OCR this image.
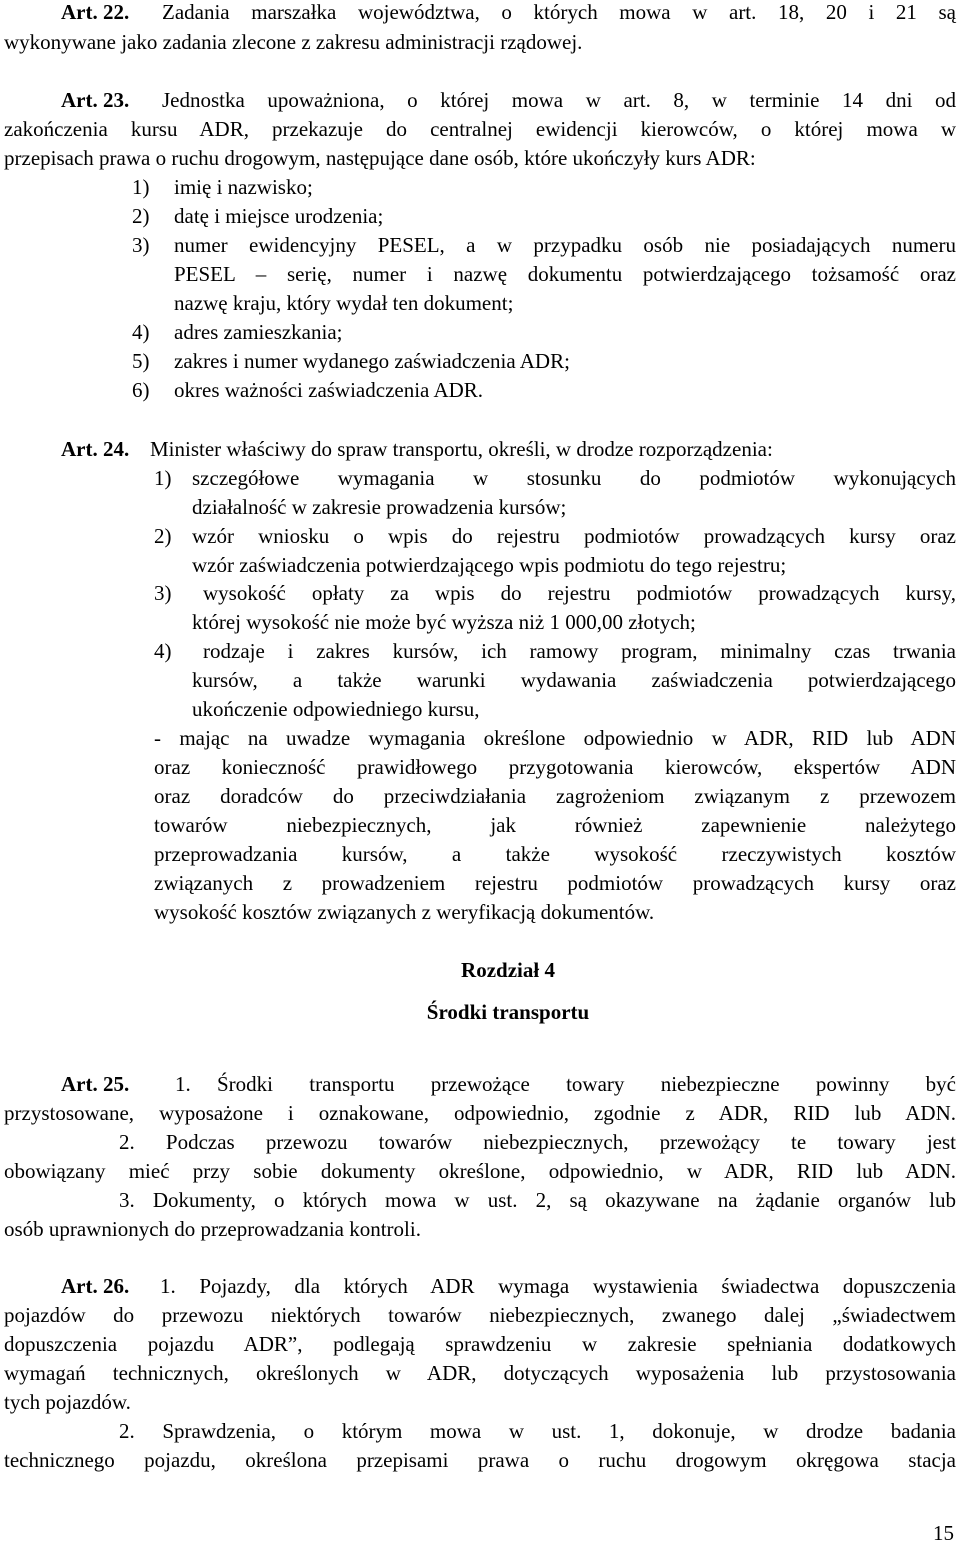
Art. 22. Zadania marszałka województwa, o których mowa w art. 18, 20 i 21 są
wykonywane jako zadania zlecone z zakresu administracji rządowej.
Art. 23. Jednostka upoważniona, o której mowa w art. 8, w terminie 14 dni od
zakończenia kursu ADR, przekazuje do centralnej ewidencji kierowców, o której mowa w
przepisach prawa o ruchu drogowym, następujące dane osób, które ukończyły kurs ADR:
1) imię i nazwisko;
2) datę i miejsce urodzenia;
3) numer ewidencyjny PESEL, a w przypadku osób nie posiadających numeru
PESEL – serię, numer i nazwę dokumentu potwierdzającego tożsamość oraz
nazwę kraju, który wydał ten dokument;
4) adres zamieszkania;
5) zakres i numer wydanego zaświadczenia ADR;
6) okres ważności zaświadczenia ADR.
Art. 24. Minister właściwy do spraw transportu, określi, w drodze rozporządzenia:
1) szczegółowe wymagania w stosunku do podmiotów wykonujących
działalność w zakresie prowadzenia kursów;
2) wzór wniosku o wpis do rejestru podmiotów prowadzących kursy oraz
wzór zaświadczenia potwierdzającego wpis podmiotu do tego rejestru;
3) wysokość opłaty za wpis do rejestru podmiotów prowadzących kursy,
której wysokość nie może być wyższa niż 1 000,00 złotych;
4) rodzaje i zakres kursów, ich ramowy program, minimalny czas trwania
kursów, a także warunki wydawania zaświadczenia potwierdzającego
ukończenie odpowiedniego kursu,
- mając na uwadze wymagania określone odpowiednio w ADR, RID lub ADN
oraz konieczność prawidłowego przygotowania kierowców, ekspertów ADN
oraz doradców do przeciwdziałania zagrożeniom związanym z przewozem
towarów niebezpiecznych, jak również zapewnienie należytego
przeprowadzania kursów, a także wysokość rzeczywistych kosztów
związanych z prowadzeniem rejestru podmiotów prowadzących kursy oraz
wysokość kosztów związanych z weryfikacją dokumentów.
Rozdział 4
Środki transportu
Art. 25. 1. Środki transportu przewożące towary niebezpieczne powinny być
przystosowane, wyposażone i oznakowane, odpowiednio, zgodnie z ADR, RID lub ADN.
2. Podczas przewozu towarów niebezpiecznych, przewożący te towary jest
obowiązany mieć przy sobie dokumenty określone, odpowiednio, w ADR, RID lub ADN.
3. Dokumenty, o których mowa w ust. 2, są okazywane na żądanie organów lub
osób uprawnionych do przeprowadzania kontroli.
Art. 26. 1. Pojazdy, dla których ADR wymaga wystawienia świadectwa dopuszczenia
pojazdów do przewozu niektórych towarów niebezpiecznych, zwanego dalej „świadectwem
dopuszczenia pojazdu ADR”, podlegają sprawdzeniu w zakresie spełniania dodatkowych
wymagań technicznych, określonych w ADR, dotyczących wyposażenia lub przystosowania
tych pojazdów.
2. Sprawdzenia, o którym mowa w ust. 1, dokonuje, w drodze badania
technicznego pojazdu, określona przepisami prawa o ruchu drogowym okręgowa stacja
15
